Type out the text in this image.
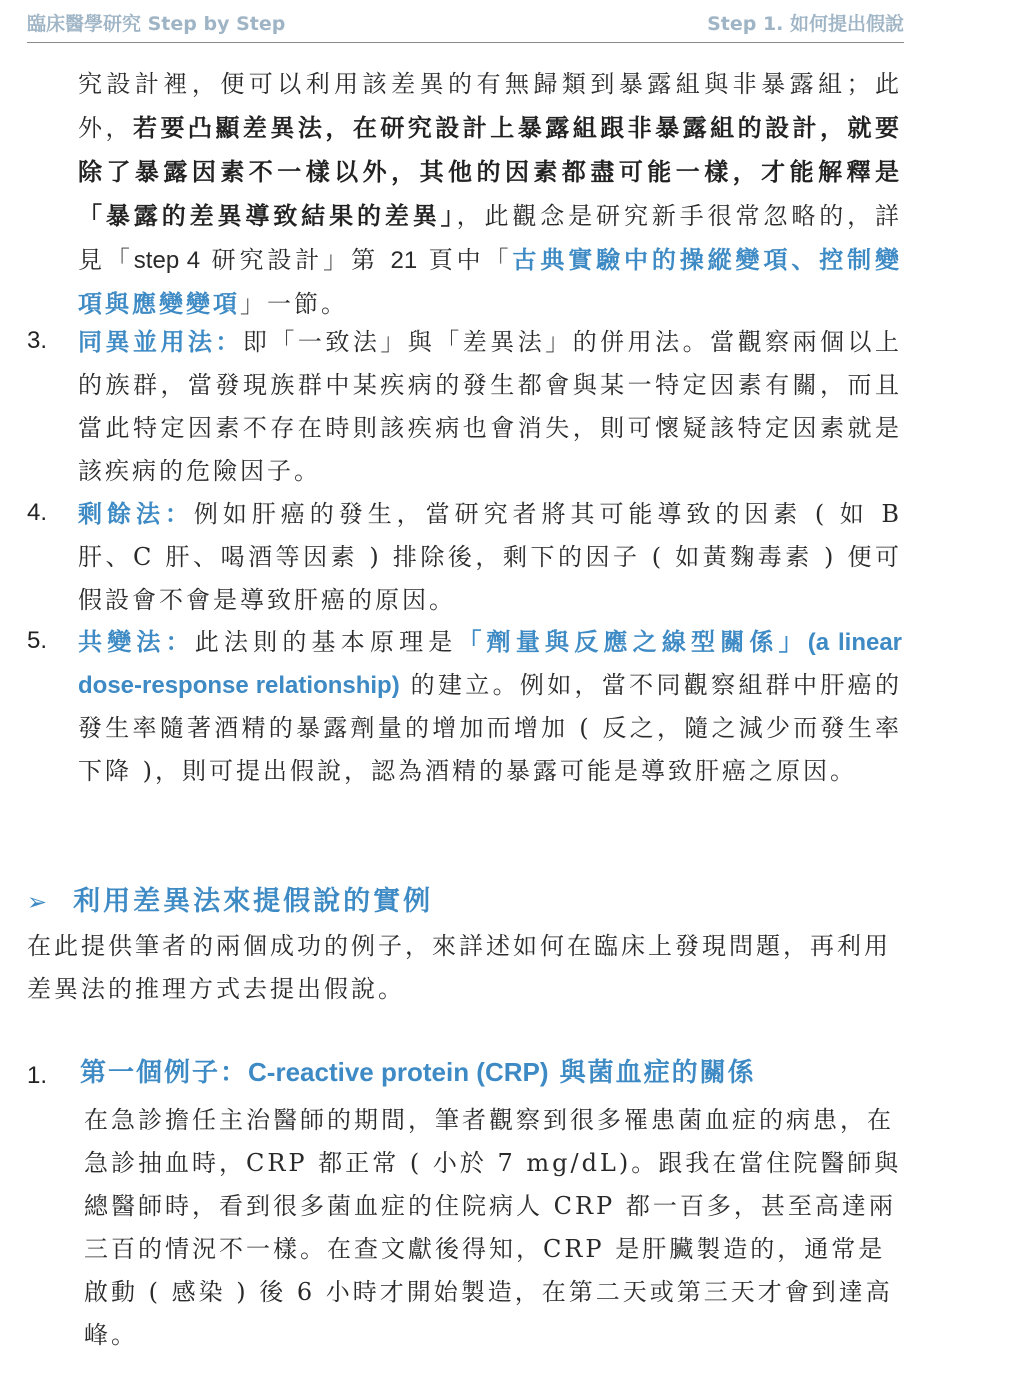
臨床醫學研究 Step by Step	Step 1. 如何提出假說
究設計裡，便可以利用該差異的有無歸類到暴露組與非暴露組；此外，若要凸顯差異法，在研究設計上暴露組跟非暴露組的設計，就要除了暴露因素不一樣以外，其他的因素都盡可能一樣，才能解釋是「暴露的差異導致結果的差異」，此觀念是研究新手很常忽略的，詳見「step 4 研究設計」第 21 頁中「古典實驗中的操縱變項、控制變項與應變變項」一節。
3. 同異並用法：即「一致法」與「差異法」的併用法。當觀察兩個以上的族群，當發現族群中某疾病的發生都會與某一特定因素有關，而且當此特定因素不存在時則該疾病也會消失，則可懷疑該特定因素就是該疾病的危險因子。
4. 剩餘法：例如肝癌的發生，當研究者將其可能導致的因素 ( 如 B 肝、C 肝、喝酒等因素 ) 排除後，剩下的因子 ( 如黃麴毒素 ) 便可假設會不會是導致肝癌的原因。
5. 共變法：此法則的基本原理是「劑量與反應之線型關係」(a linear dose-response relationship) 的建立。例如，當不同觀察組群中肝癌的發生率隨著酒精的暴露劑量的增加而增加 ( 反之，隨之減少而發生率下降 )，則可提出假說，認為酒精的暴露可能是導致肝癌之原因。
➢ 利用差異法來提假說的實例
在此提供筆者的兩個成功的例子，來詳述如何在臨床上發現問題，再利用差異法的推理方式去提出假說。
1. 第一個例子：C-reactive protein (CRP) 與菌血症的關係
在急診擔任主治醫師的期間，筆者觀察到很多罹患菌血症的病患，在急診抽血時，CRP 都正常 ( 小於 7 mg/dL)。跟我在當住院醫師與總醫師時，看到很多菌血症的住院病人 CRP 都一百多，甚至高達兩三百的情況不一樣。在查文獻後得知，CRP 是肝臟製造的，通常是啟動 ( 感染 ) 後 6 小時才開始製造，在第二天或第三天才會到達高峰。
